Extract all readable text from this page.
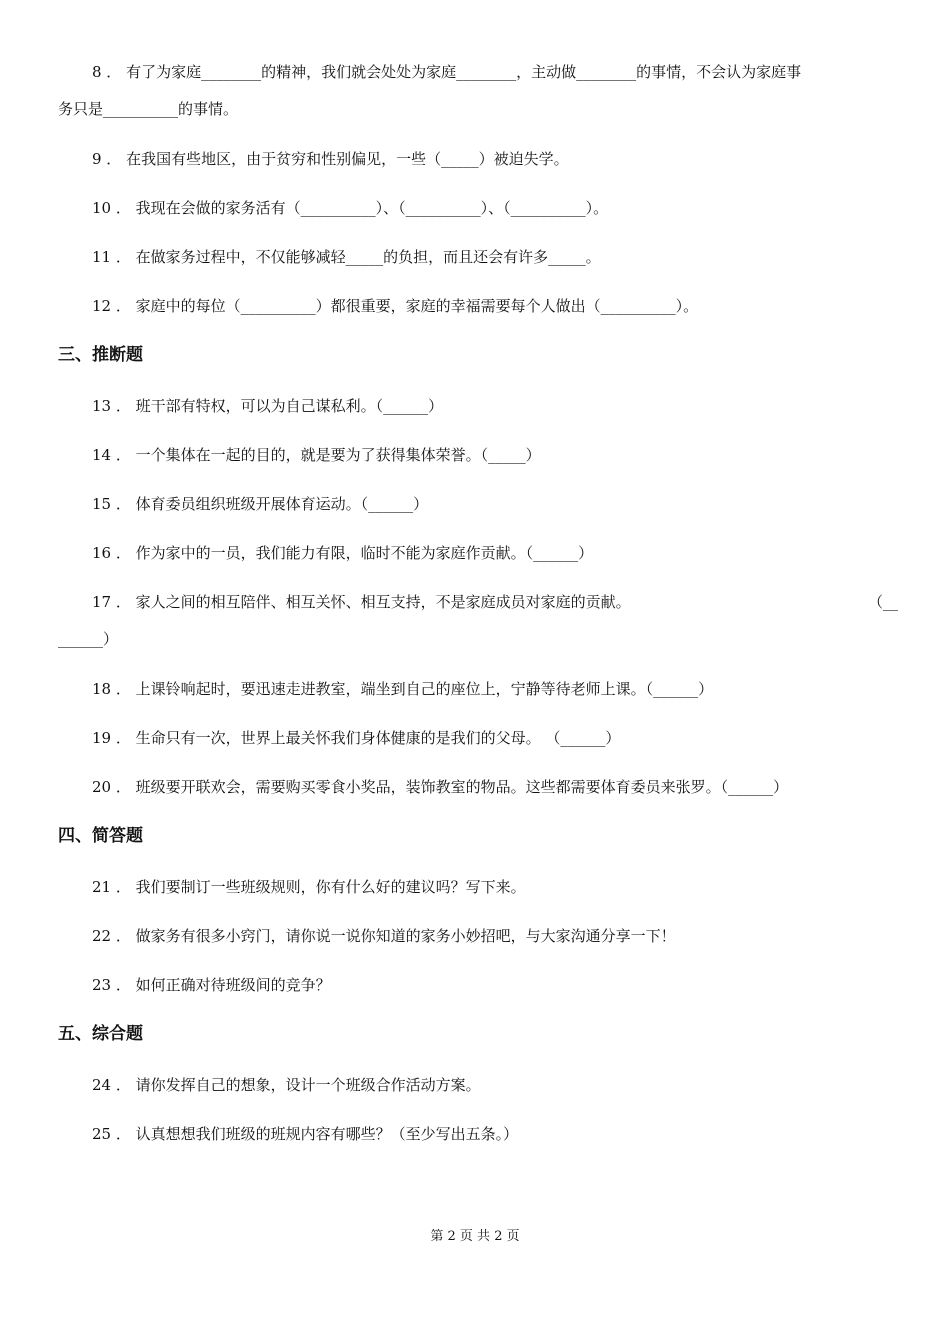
8 ． 有了为家庭________的精神，我们就会处处为家庭________，主动做________的事情，不会认为家庭事
务只是__________的事情。
9 ． 在我国有些地区，由于贫穷和性别偏见，一些（_____）被迫失学。
10 ． 我现在会做的家务活有（__________）、（__________）、（__________）。
11 ． 在做家务过程中，不仅能够减轻_____的负担，而且还会有许多_____。
12 ． 家庭中的每位（__________）都很重要，家庭的幸福需要每个人做出（__________）。
三、推断题
13 ． 班干部有特权，可以为自己谋私利。（______）
14 ． 一个集体在一起的目的，就是要为了获得集体荣誉。（_____）
15 ． 体育委员组织班级开展体育运动。（______）
16 ． 作为家中的一员，我们能力有限，临时不能为家庭作贡献。（______）
17 ． 家人之间的相互陪伴、相互关怀、相互支持，不是家庭成员对家庭的贡献。	（__
______）
18 ． 上课铃响起时，要迅速走进教室，端坐到自己的座位上，宁静等待老师上课。（______）
19 ． 生命只有一次，世界上最关怀我们身体健康的是我们的父母。 （______）
20 ． 班级要开联欢会，需要购买零食小奖品，装饰教室的物品。这些都需要体育委员来张罗。（______）
四、简答题
21 ． 我们要制订一些班级规则，你有什么好的建议吗？写下来。
22 ． 做家务有很多小窍门，请你说一说你知道的家务小妙招吧，与大家沟通分享一下！
23 ． 如何正确对待班级间的竞争？
五、综合题
24 ． 请你发挥自己的想象，设计一个班级合作活动方案。
25 ． 认真想想我们班级的班规内容有哪些？（至少写出五条。）
第 2 页 共 2 页
